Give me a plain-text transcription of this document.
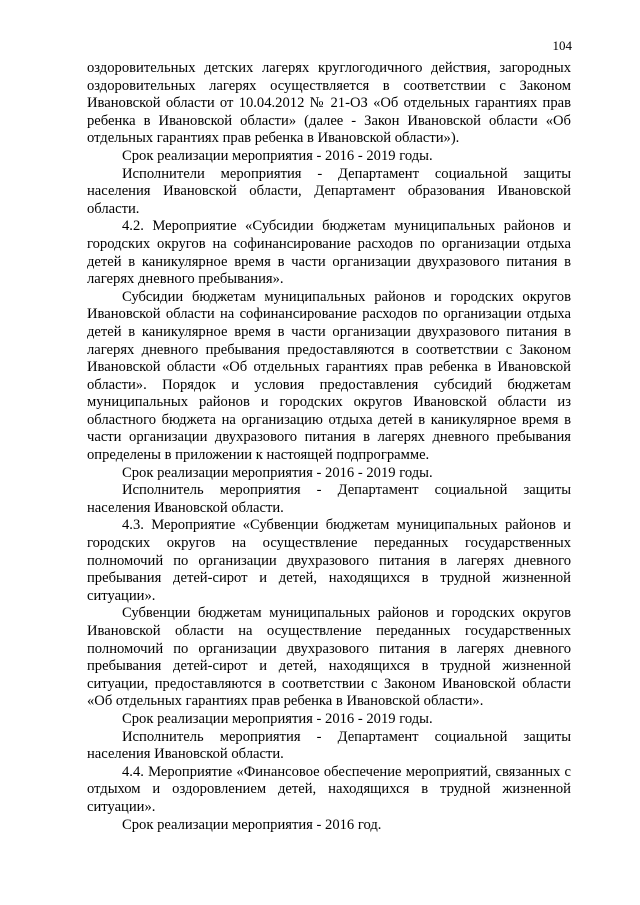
104

оздоровительных детских лагерях круглогодичного действия, загородных оздоровительных лагерях осуществляется в соответствии с Законом Ивановской области от 10.04.2012 № 21-ОЗ «Об отдельных гарантиях прав ребенка в Ивановской области» (далее - Закон Ивановской области «Об отдельных гарантиях прав ребенка в Ивановской области»).

Срок реализации мероприятия - 2016 - 2019 годы.

Исполнители мероприятия - Департамент социальной защиты населения Ивановской области, Департамент образования Ивановской области.

4.2. Мероприятие «Субсидии бюджетам муниципальных районов и городских округов на софинансирование расходов по организации отдыха детей в каникулярное время в части организации двухразового питания в лагерях дневного пребывания».

Субсидии бюджетам муниципальных районов и городских округов Ивановской области на софинансирование расходов по организации отдыха детей в каникулярное время в части организации двухразового питания в лагерях дневного пребывания предоставляются в соответствии с Законом Ивановской области «Об отдельных гарантиях прав ребенка в Ивановской области». Порядок и условия предоставления субсидий бюджетам муниципальных районов и городских округов Ивановской области из областного бюджета на организацию отдыха детей в каникулярное время в части организации двухразового питания в лагерях дневного пребывания определены в приложении к настоящей подпрограмме.

Срок реализации мероприятия - 2016 - 2019 годы.

Исполнитель мероприятия - Департамент социальной защиты населения Ивановской области.

4.3. Мероприятие «Субвенции бюджетам муниципальных районов и городских округов на осуществление переданных государственных полномочий по организации двухразового питания в лагерях дневного пребывания детей-сирот и детей, находящихся в трудной жизненной ситуации».

Субвенции бюджетам муниципальных районов и городских округов Ивановской области на осуществление переданных государственных полномочий по организации двухразового питания в лагерях дневного пребывания детей-сирот и детей, находящихся в трудной жизненной ситуации, предоставляются в соответствии с Законом Ивановской области «Об отдельных гарантиях прав ребенка в Ивановской области».

Срок реализации мероприятия - 2016 - 2019 годы.

Исполнитель мероприятия - Департамент социальной защиты населения Ивановской области.

4.4. Мероприятие «Финансовое обеспечение мероприятий, связанных с отдыхом и оздоровлением детей, находящихся в трудной жизненной ситуации».

Срок реализации мероприятия - 2016 год.
